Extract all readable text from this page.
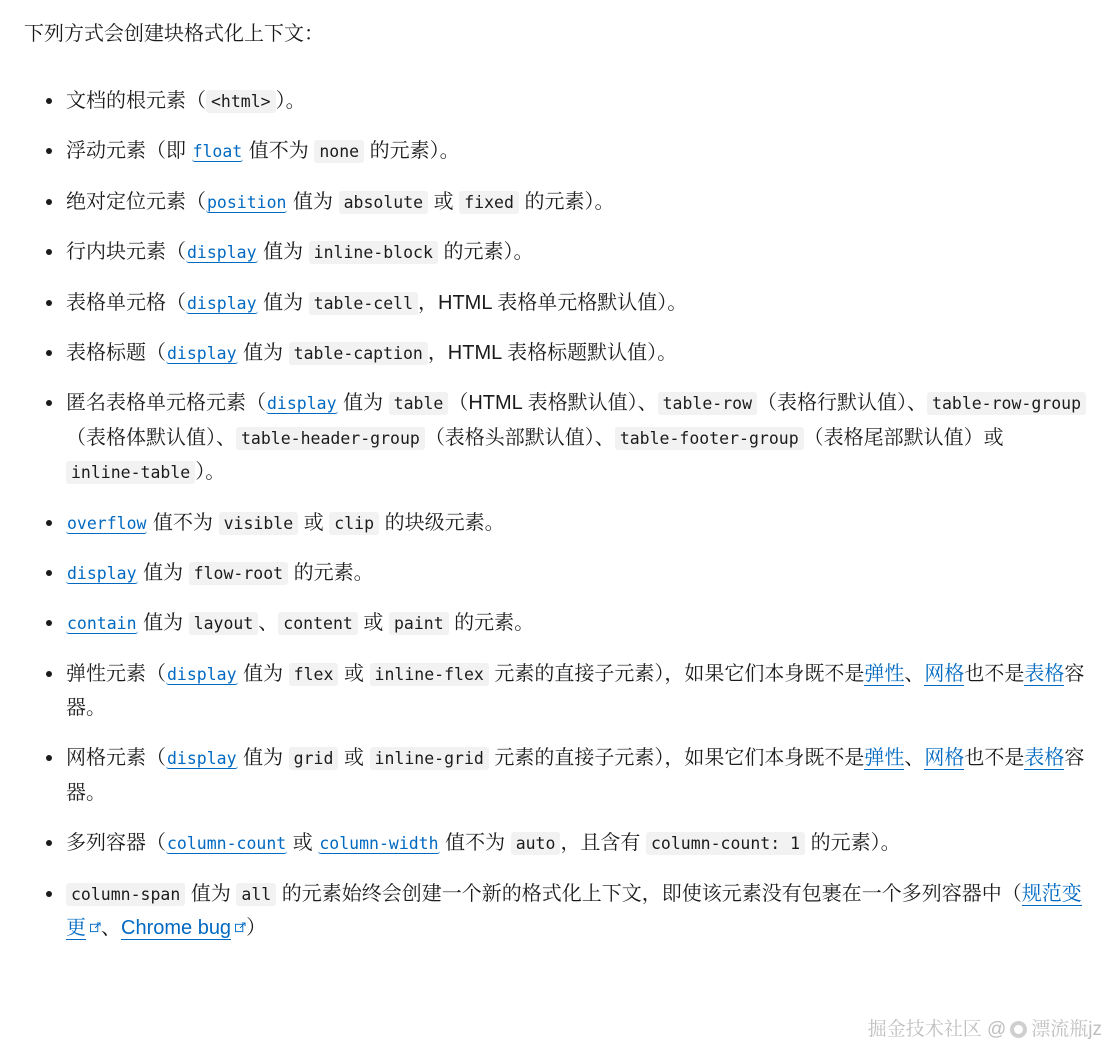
下列方式会创建块格式化上下文：

文档的根元素（ <html> ）。
浮动元素（即 float 值不为 none 的元素）。
绝对定位元素（position 值为 absolute 或 fixed 的元素）。
行内块元素（display 值为 inline-block 的元素）。
表格单元格（display 值为 table-cell ，HTML 表格单元格默认值）。
表格标题（display 值为 table-caption ，HTML 表格标题默认值）。
匿名表格单元格元素（display 值为 table （HTML 表格默认值）、 table-row （表格行默认值）、 table-row-group（表格体默认值）、 table-header-group （表格头部默认值）、 table-footer-group （表格尾部默认值）或 inline-table ）。
overflow 值不为 visible 或 clip 的块级元素。
display 值为 flow-root 的元素。
contain 值为 layout 、 content 或 paint 的元素。
弹性元素（display 值为 flex 或 inline-flex 元素的直接子元素），如果它们本身既不是弹性、网格也不是表格容器。
网格元素（display 值为 grid 或 inline-grid 元素的直接子元素），如果它们本身既不是弹性、网格也不是表格容器。
多列容器（column-count 或 column-width 值不为 auto ，且含有 column-count: 1 的元素）。
column-span 值为 all 的元素始终会创建一个新的格式化上下文，即使该元素没有包裹在一个多列容器中（规范变更 、Chrome bug ）
掘金技术社区 @ 漂流瓶jz
